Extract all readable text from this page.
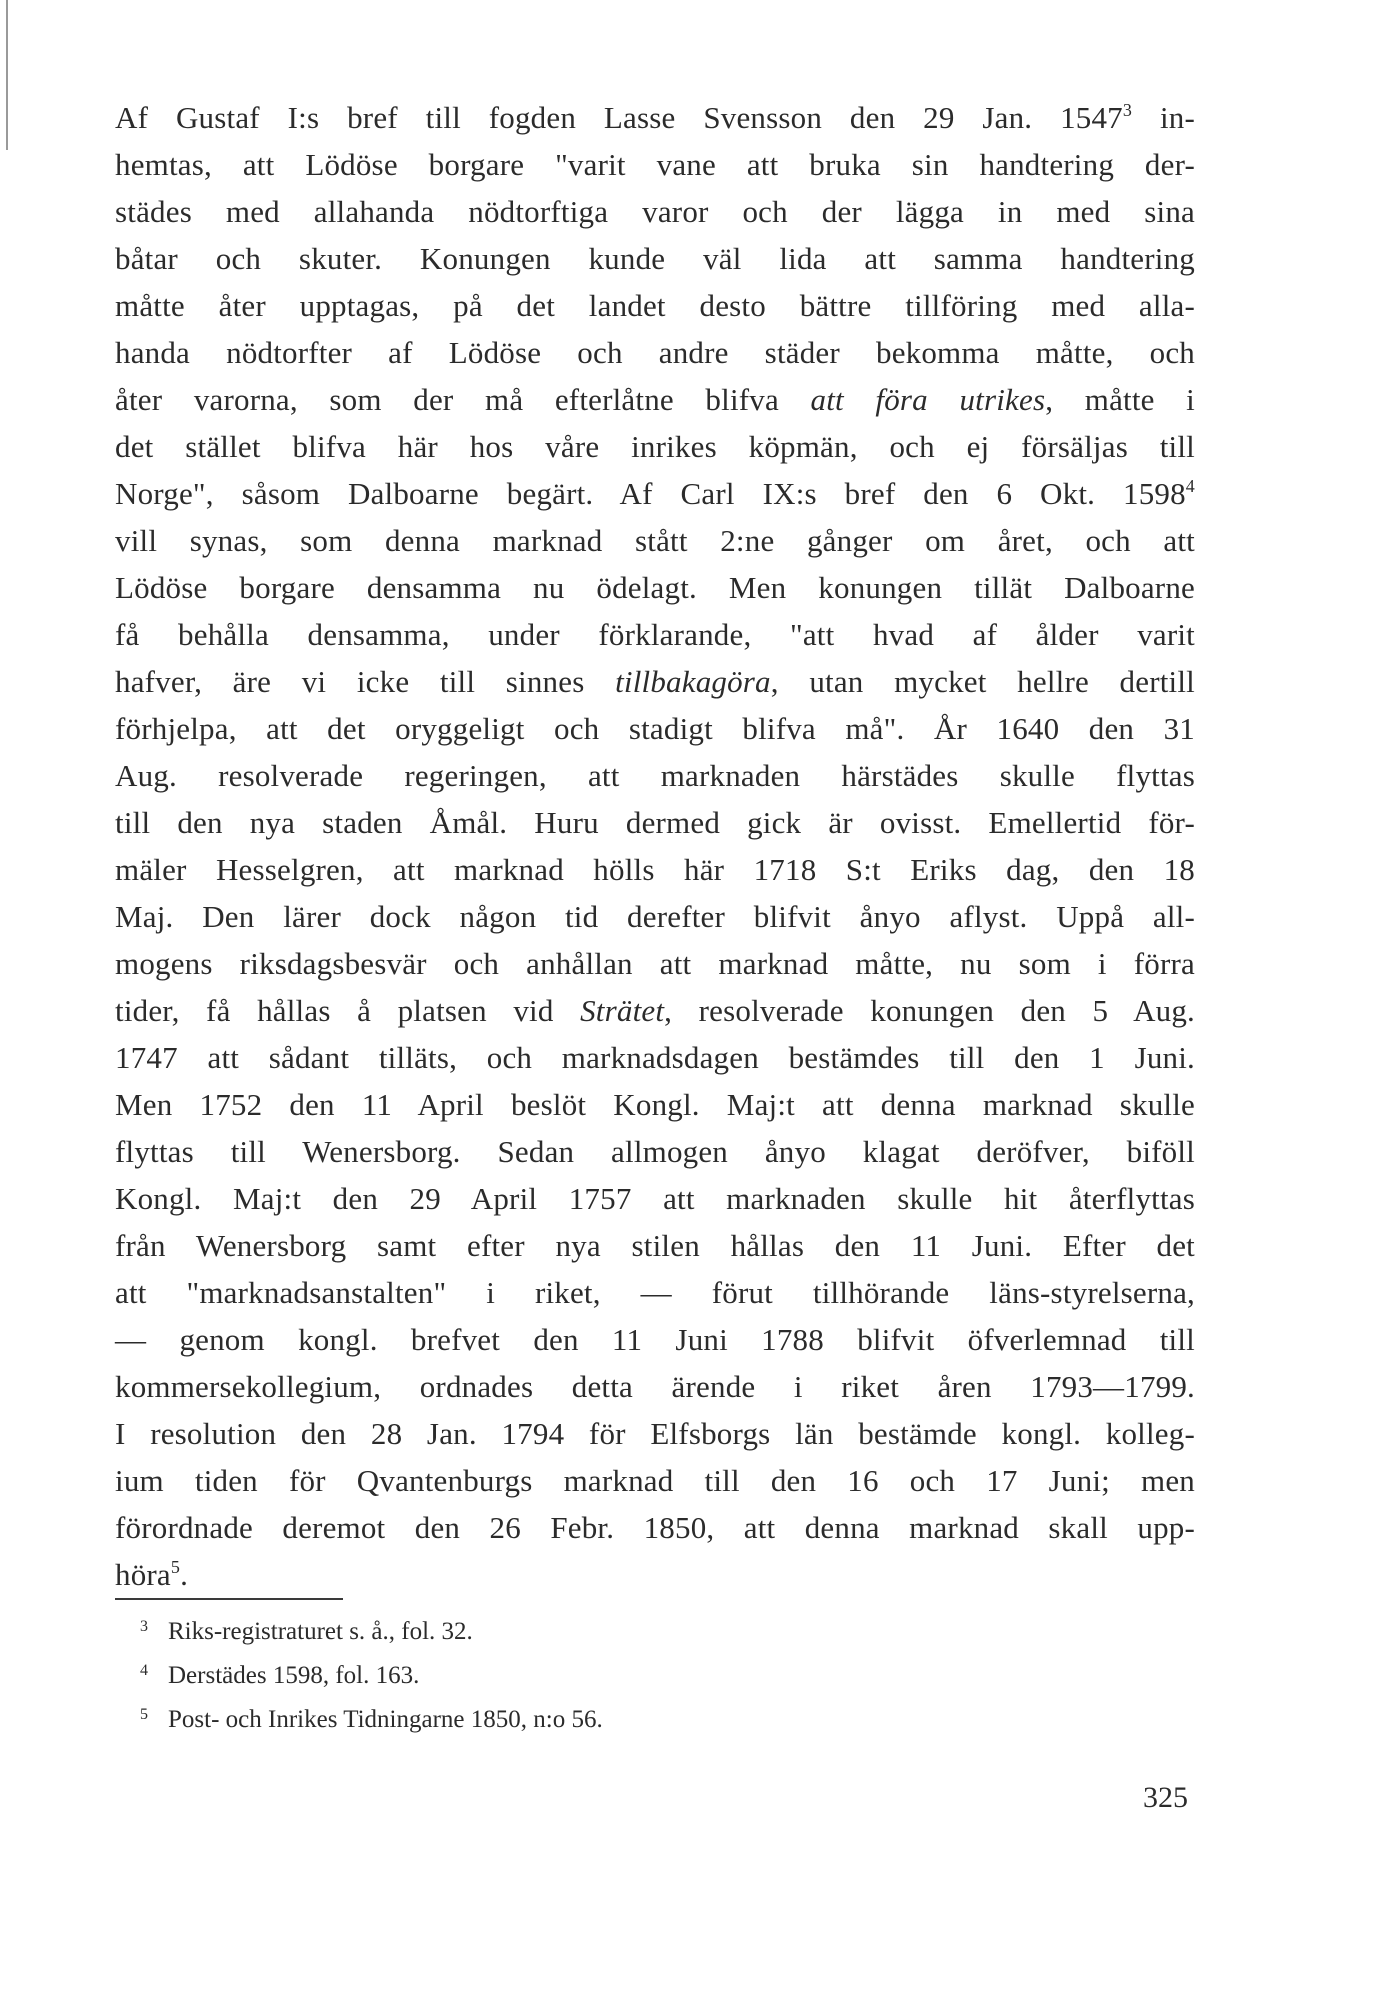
Af Gustaf I:s bref till fogden Lasse Svensson den 29 Jan. 1547$^3$ in-
hemtas, att Lödöse borgare "varit vane att bruka sin handtering der-
städes med allahanda nödtorftiga varor och der lägga in med sina
båtar och skuter. Konungen kunde väl lida att samma handtering
måtte åter upptagas, på det landet desto bättre tillföring med alla-
handa nödtorfter af Lödöse och andre städer bekomma måtte, och
åter varorna, som der må efterlåtne blifva att föra utrikes, måtte i
det stället blifva här hos våre inrikes köpmän, och ej försäljas till
Norge", såsom Dalboarne begärt. Af Carl IX:s bref den 6 Okt. 1598$^4$
vill synas, som denna marknad stått 2:ne gånger om året, och att
Lödöse borgare densamma nu ödelagt. Men konungen tillät Dalboarne
få behålla densamma, under förklarande, "att hvad af ålder varit
hafver, äre vi icke till sinnes tillbakagöra, utan mycket hellre dertill
förhjelpa, att det oryggeligt och stadigt blifva må". År 1640 den 31
Aug. resolverade regeringen, att marknaden härstädes skulle flyttas
till den nya staden Åmål. Huru dermed gick är ovisst. Emellertid för-
mäler Hesselgren, att marknad hölls här 1718 S:t Eriks dag, den 18
Maj. Den lärer dock någon tid derefter blifvit ånyo aflyst. Uppå all-
mogens riksdagsbesvär och anhållan att marknad måtte, nu som i förra
tider, få hållas å platsen vid Strätet, resolverade konungen den 5 Aug.
1747 att sådant tilläts, och marknadsdagen bestämdes till den 1 Juni.
Men 1752 den 11 April beslöt Kongl. Maj:t att denna marknad skulle
flyttas till Wenersborg. Sedan allmogen ånyo klagat deröfver, biföll
Kongl. Maj:t den 29 April 1757 att marknaden skulle hit återflyttas
från Wenersborg samt efter nya stilen hållas den 11 Juni. Efter det
att "marknadsanstalten" i riket, — förut tillhörande läns-styrelserna,
— genom kongl. brefvet den 11 Juni 1788 blifvit öfverlemnad till
kommersekollegium, ordnades detta ärende i riket åren 1793—1799.
I resolution den 28 Jan. 1794 för Elfsborgs län bestämde kongl. kolleg-
ium tiden för Qvantenburgs marknad till den 16 och 17 Juni; men
förordnade deremot den 26 Febr. 1850, att denna marknad skall upp-
höra$^5$.
3 Riks-registraturet s. å., fol. 32.
4 Derstädes 1598, fol. 163.
5 Post- och Inrikes Tidningarne 1850, n:o 56.
325
